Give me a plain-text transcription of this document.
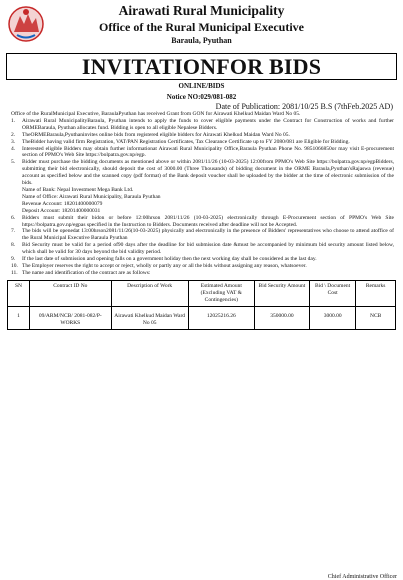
Airawati Rural Municipality
Office of the Rural Municipal Executive
Baraula, Pyuthan
INVITATIONFOR BIDS
ONLINE/BIDS
Notice NO:029/081-082
Date of Publication: 2081/10/25 B.S (7thFeb.2025 AD)

Office of the RuralMunicipal Executive, BaraulaPyuthan has received Grant from GON for Airawati Khelkud Maidan Ward No 05.

1.	Airawati Rural MunicipalityBaraula, Pyuthan intends to apply the funds to cover eligible payments under the Contract for Construction of works and further ORMEBaraula, Pyuthan allocates fund. Bidding is open to all eligible Nepalese Bidders.
2.	TheORMEBaraula,Pyuthaninvites online bids from registered eligible bidders for Airawati Khelkud Maidan Ward No 05.
3.	TheBidder having valid firm Registration, VAT/PAN Registration Certificates, Tax Clearance Certificate up to FY 2080/081 are Eligible for Bidding.
4.	Interested eligible Bidders may obtain further informationat Airawati Rural Municipality Office,Baraula Pyuthan Phone No. 9851066850or may visit E-procurement section of PPMO's Web Site https://bolpatra.gov.np/egp.
5.	Bidder must purchase the bidding documents as mentioned above or within 2081/11/26 (10-03-2025) 12:00from PPMO's Web Site https://bolpatra.gov.np/egpBidders, submitting their bid electronically, should deposit the cost of 3000.00 (Three Thousands) of bidding document in the ORME Baraula,Pyuthan'sRajaswa (revenue) account as specified below and the scanned copy (pdf format) of the Bank deposit voucher shall be uploaded by the bidder at the time of electronic submission of the bids.
Name of Bank: Nepal Investment Mega Bank Ltd.
Name of Office: Airawati Rural Municipality, Baraula Pyuthan
Revenue Account: 18201400000079
Deposit Account: 18201400000031
6.	Bidders must submit their bidon or before 12:00hrson 2081/11/26 (10-03-2025) electronically through E-Procurement section of PPMO's Web Site https://bolpatra.gov.np/egpas specified in the Instruction to Bidders. Documents received after deadline will not be Accepted.
7.	The bids will be openedat 13:00hrson2081/11/26(10-03-2025) physically and electronically in the presence of Bidders' representatives who choose to attend atoffice of the Rural Municipal Executive Baraula Pyuthan
8.	Bid Security must be valid for a period of90 days after the deadline for bid submission date &must be accompanied by minimum bid security amount listed below, which shall be valid for 30 days beyond the bid validity period.
9.	If the last date of submission and opening falls on a government holiday then the next working day shall be considered as the last day.
10. The Employer reserves the right to accept or reject, wholly or partly any or all the bids without assigning any reason, whatsoever.
11. The name and identification of the contract are as follows:
SN	Contract ID No	Description of Work	Estimated Amount (Excluding VAT & Contingencies)	Bid Security Amount	Bid \ Document Cost	Remarks
1	09/ARM/NCB/ 2081-082/P-WORKS	Airawati Khelkud Maidan Ward No 05	12025216.26	350000.00	3000.00	NCB
Chief Administrative Officer
